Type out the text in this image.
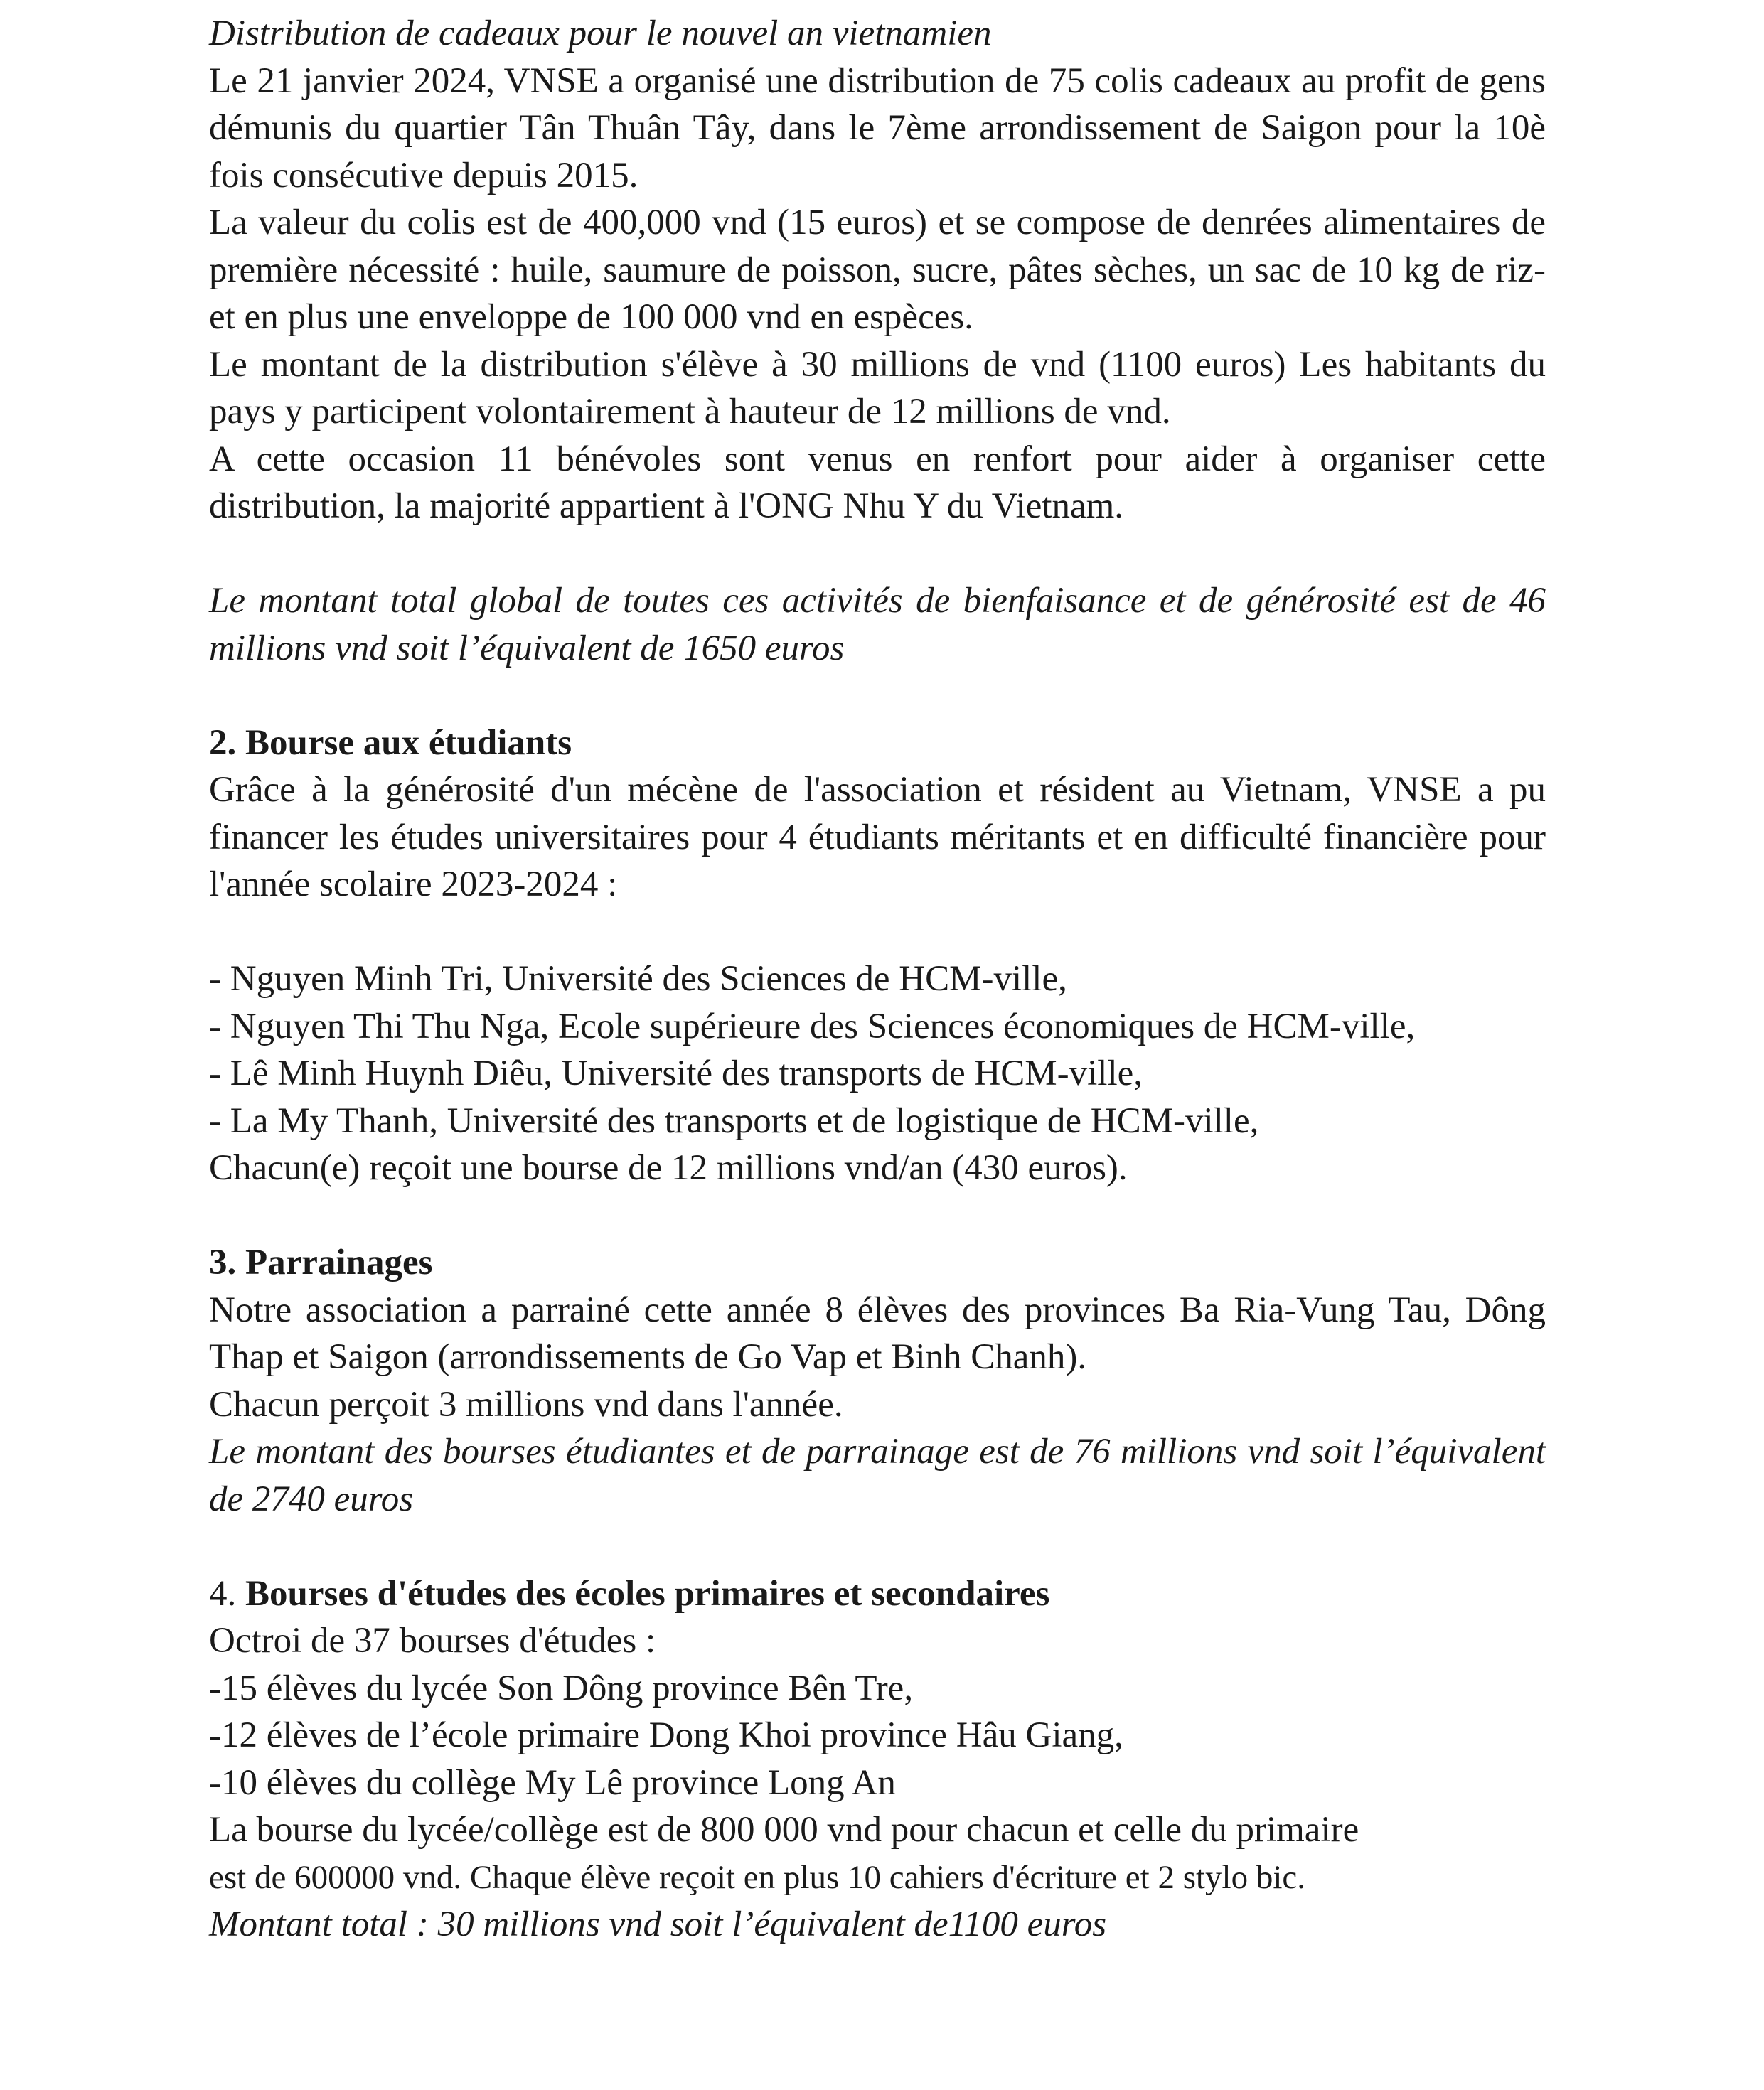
Distribution de cadeaux pour le nouvel an vietnamien

Le 21 janvier 2024, VNSE a organisé une distribution de 75 colis cadeaux au profit de gens démunis du quartier Tân Thuân Tây, dans le 7ème arrondissement de Saigon pour la 10è fois consécutive depuis 2015.

La valeur du colis est de 400,000 vnd (15 euros) et se compose de denrées alimentaires de première nécessité : huile, saumure de poisson, sucre, pâtes sèches, un sac de 10 kg de riz- et en plus une enveloppe de 100 000 vnd en espèces.

Le montant de la distribution s'élève à 30 millions de vnd (1100 euros) Les habitants du pays y participent volontairement à hauteur de 12 millions de vnd.

A cette occasion 11 bénévoles sont venus en renfort pour aider à organiser cette distribution, la majorité appartient à l'ONG Nhu Y du Vietnam.

Le montant total global de toutes ces activités de bienfaisance et de générosité est de 46 millions vnd soit l’équivalent de 1650 euros

2. Bourse aux étudiants

Grâce à la générosité d'un mécène de l'association et résident au Vietnam, VNSE a pu financer les études universitaires pour 4 étudiants méritants et en difficulté financière pour l'année scolaire 2023-2024 :

- Nguyen Minh Tri, Université des Sciences de HCM-ville,

- Nguyen Thi Thu Nga, Ecole supérieure des Sciences économiques de HCM-ville,

- Lê Minh Huynh Diêu, Université des transports de HCM-ville,

- La My Thanh, Université des transports et de logistique de HCM-ville,

Chacun(e) reçoit une bourse de 12 millions vnd/an (430 euros).

3. Parrainages

Notre association a parrainé cette année 8 élèves des provinces Ba Ria-Vung Tau, Dông Thap et Saigon (arrondissements de Go Vap et Binh Chanh).

Chacun perçoit 3 millions vnd dans l'année.

Le montant des bourses étudiantes et de parrainage est de 76 millions vnd soit l’équivalent de 2740 euros

4. Bourses d'études des écoles primaires et secondaires

Octroi de 37 bourses d'études :

-15 élèves du lycée Son Dông province Bên Tre,

-12 élèves de l’école primaire Dong Khoi province Hâu Giang,

-10 élèves du collège My Lê province Long An

La bourse du lycée/collège est de 800 000 vnd pour chacun et celle du primaire

est de 600000 vnd. Chaque élève reçoit en plus 10 cahiers d'écriture et 2 stylo bic.

Montant total : 30 millions vnd soit l’équivalent de1100 euros
